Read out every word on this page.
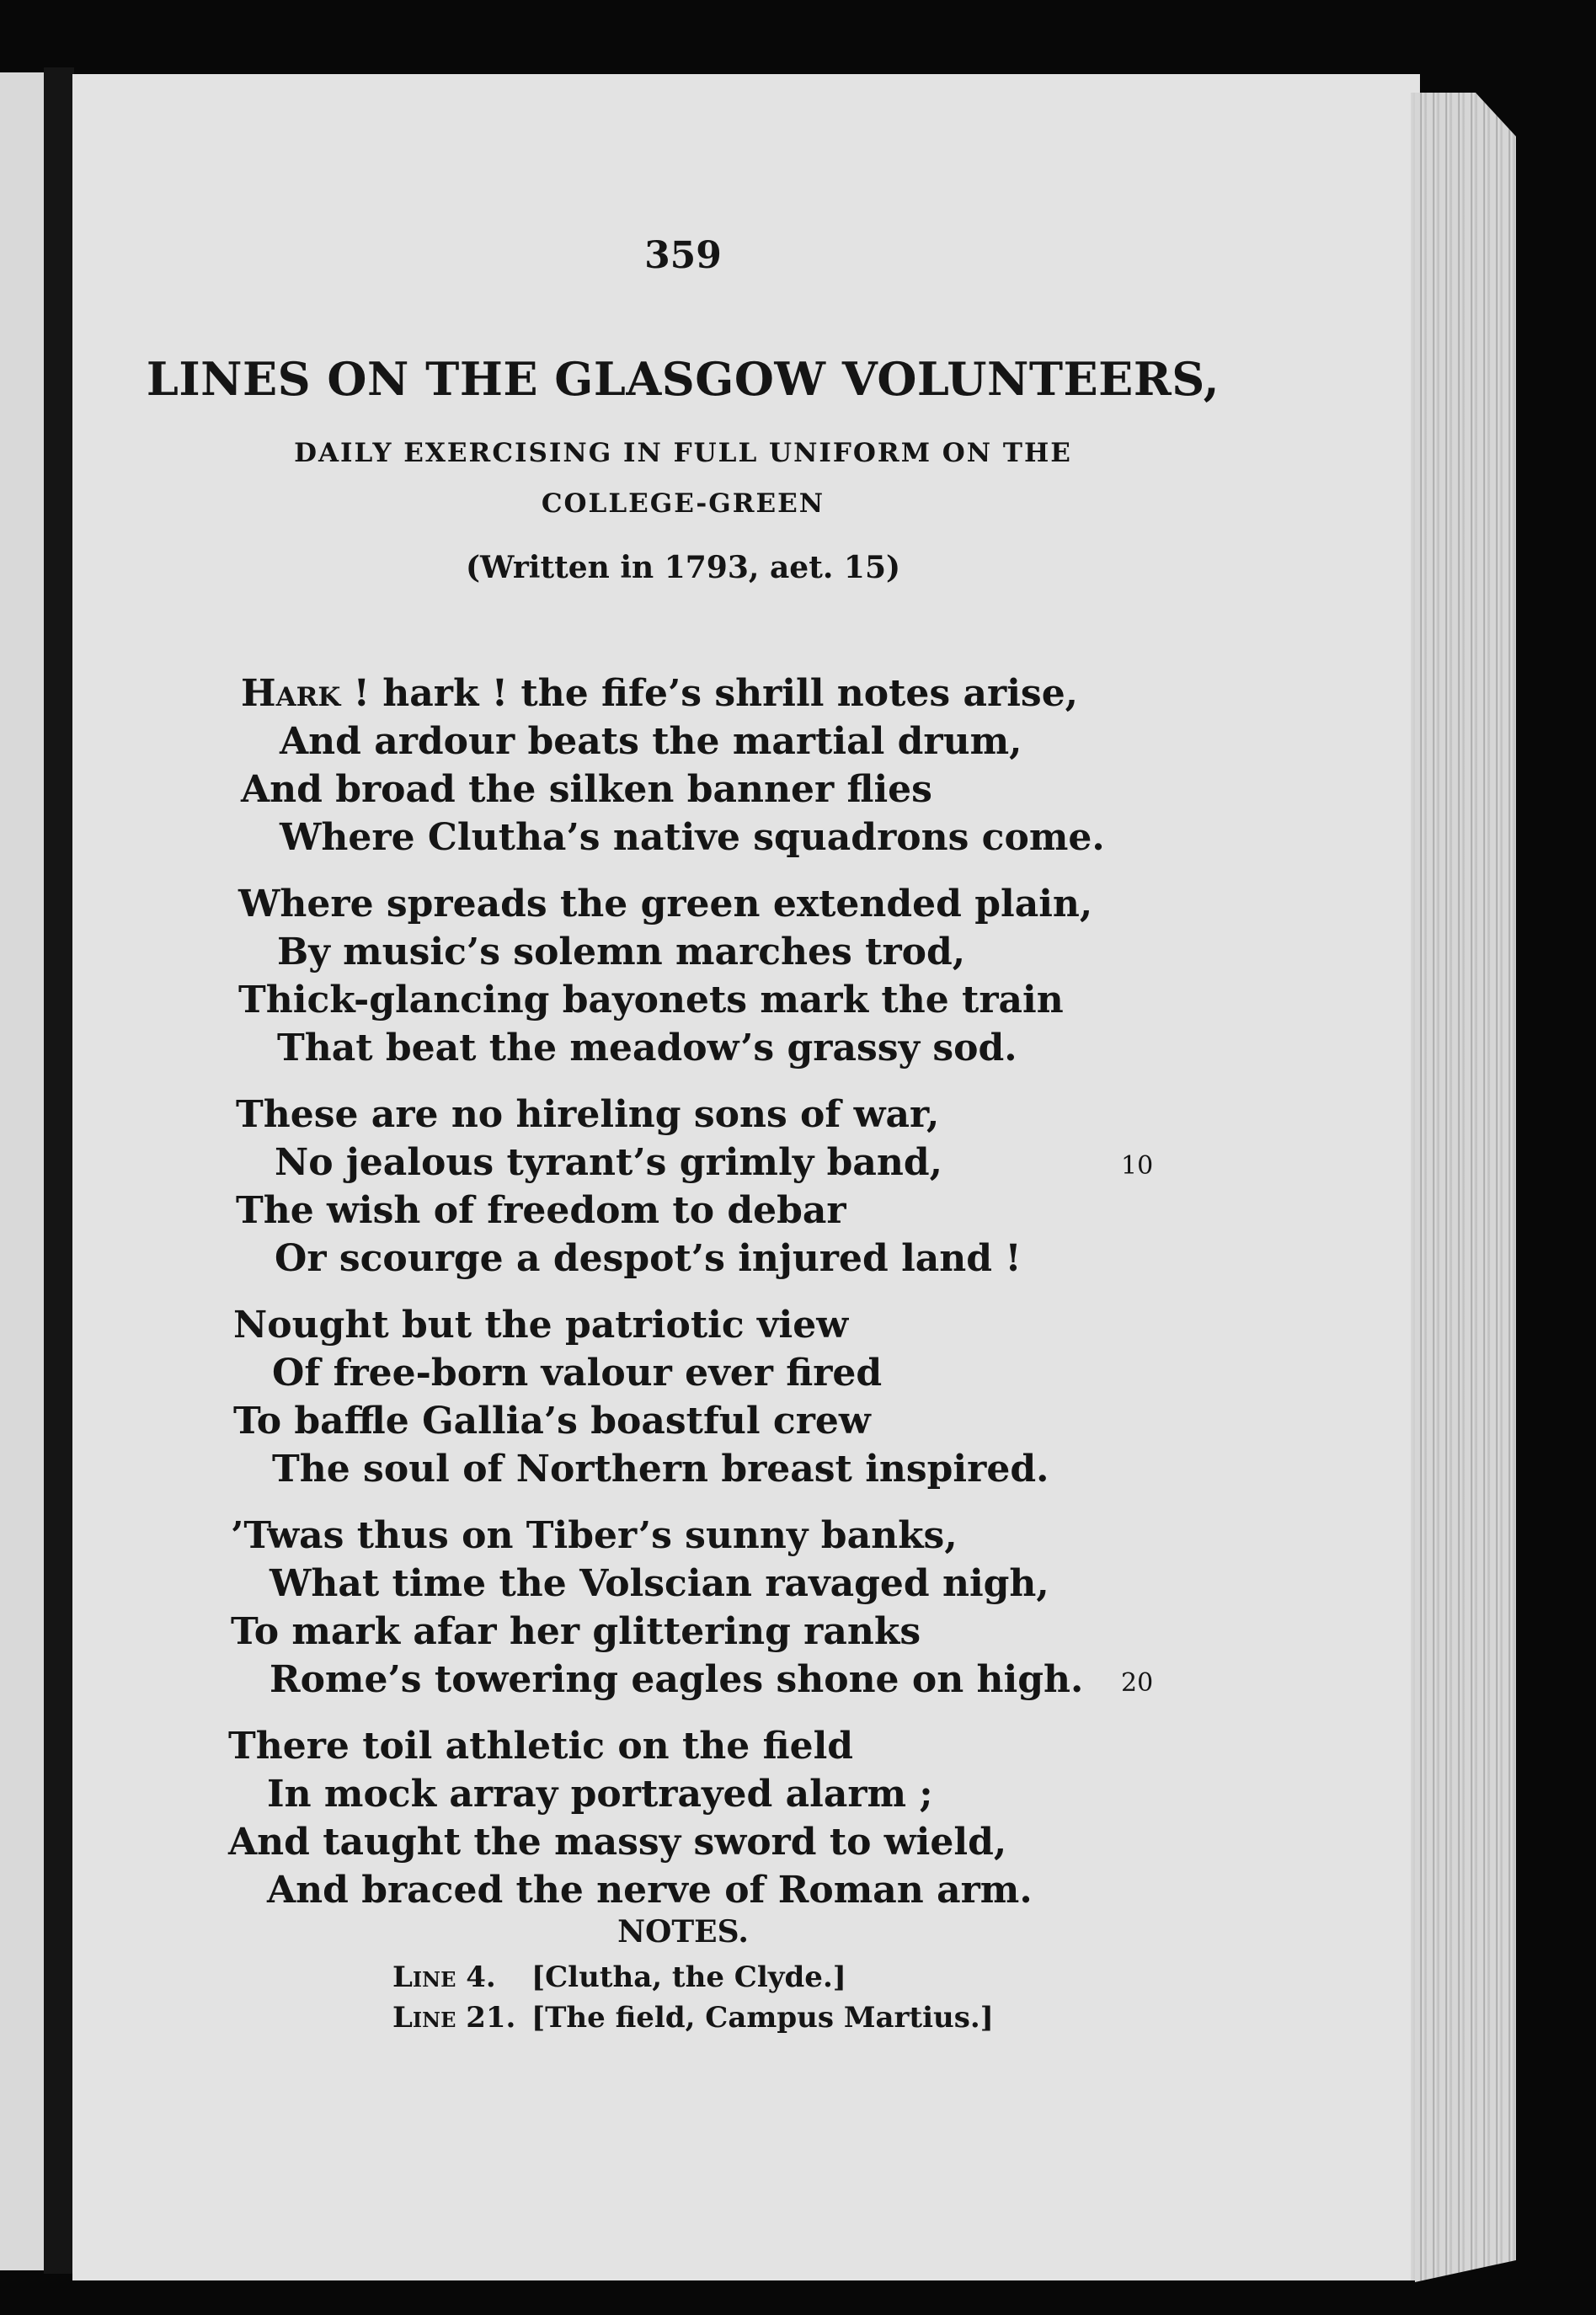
359

LINES ON THE GLASGOW VOLUNTEERS,

DAILY EXERCISING IN FULL UNIFORM ON THE

COLLEGE-GREEN

(Written in 1793, aet. 15)

Hark ! hark ! the fife’s shrill notes arise,

And ardour beats the martial drum,

And broad the silken banner flies

Where Clutha’s native squadrons come.

Where spreads the green extended plain,

By music’s solemn marches trod,

Thick-glancing bayonets mark the train

That beat the meadow’s grassy sod.

These are no hireling sons of war,

No jealous tyrant’s grimly band,

The wish of freedom to debar

Or scourge a despot’s injured land !

Nought but the patriotic view

Of free-born valour ever fired

To baffle Gallia’s boastful crew

The soul of Northern breast inspired.

’Twas thus on Tiber’s sunny banks,

What time the Volscian ravaged nigh,

To mark afar her glittering ranks

Rome’s towering eagles shone on high.

There toil athletic on the field

In mock array portrayed alarm ;

And taught the massy sword to wield,

And braced the nerve of Roman arm.

10

20

NOTES.

Line 4. [Clutha, the Clyde.]

Line 21. [The field, Campus Martius.]
